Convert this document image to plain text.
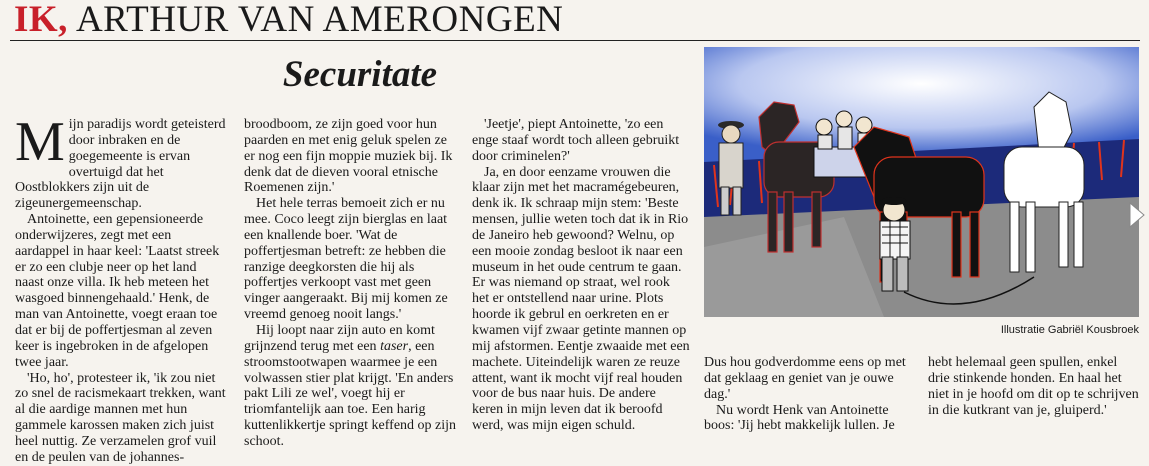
IK, ARTHUR VAN AMERONGEN
Securitate

Mijn paradijs wordt geteisterd door inbraken en de goegemeente is ervan overtuigd dat het Oostblokkers zijn uit de zigeunergemeenschap.

Antoinette, een gepensioneerde onderwijzeres, zegt met een aardappel in haar keel: 'Laatst streek er zo een clubje neer op het land naast onze villa. Ik heb meteen het wasgoed binnengehaald.' Henk, de man van Antoinette, voegt eraan toe dat er bij de poffertjesman al zeven keer is ingebroken in de afgelopen twee jaar.

'Ho, ho', protesteer ik, 'ik zou niet zo snel de racismekaart trekken, want al die aardige mannen met hun gammele karossen maken zich juist heel nuttig. Ze verzamelen grof vuil en de peulen van de johannes-

broodboom, ze zijn goed voor hun paarden en met enig geluk spelen ze er nog een fijn moppie muziek bij. Ik denk dat de dieven vooral etnische Roemenen zijn.'

Het hele terras bemoeit zich er nu mee. Coco leegt zijn bierglas en laat een knallende boer. 'Wat de poffertjesman betreft: ze hebben die ranzige deegkorsten die hij als poffertjes verkoopt vast met geen vinger aangeraakt. Bij mij komen ze vreemd genoeg nooit langs.'

Hij loopt naar zijn auto en komt grijnzend terug met een taser, een stroomstootwapen waarmee je een volwassen stier plat krijgt. 'En anders pakt Lili ze wel', voegt hij er triomfantelijk aan toe. Een harig kuttenlikkertje springt keffend op zijn schoot.

'Jeetje', piept Antoinette, 'zo een enge staaf wordt toch alleen gebruikt door criminelen?'

Ja, en door eenzame vrouwen die klaar zijn met het macramégebeuren, denk ik. Ik schraap mijn stem: 'Beste mensen, jullie weten toch dat ik in Rio de Janeiro heb gewoond? Welnu, op een mooie zondag besloot ik naar een museum in het oude centrum te gaan. Er was niemand op straat, wel rook het er ontstellend naar urine. Plots hoorde ik gebrul en oerkreten en er kwamen vijf zwaar getinte mannen op mij afstormen. Eentje zwaaide met een machete. Uiteindelijk waren ze reuze attent, want ik mocht vijf real houden voor de bus naar huis. De andere keren in mijn leven dat ik beroofd werd, was mijn eigen schuld.

Illustratie Gabriël Kousbroek

Dus hou godverdomme eens op met dat geklaag en geniet van je ouwe dag.'

Nu wordt Henk van Antoinette boos: 'Jij hebt makkelijk lullen. Je

hebt helemaal geen spullen, enkel drie stinkende honden. En haal het niet in je hoofd om dit op te schrijven in die kutkrant van je, gluiperd.'
